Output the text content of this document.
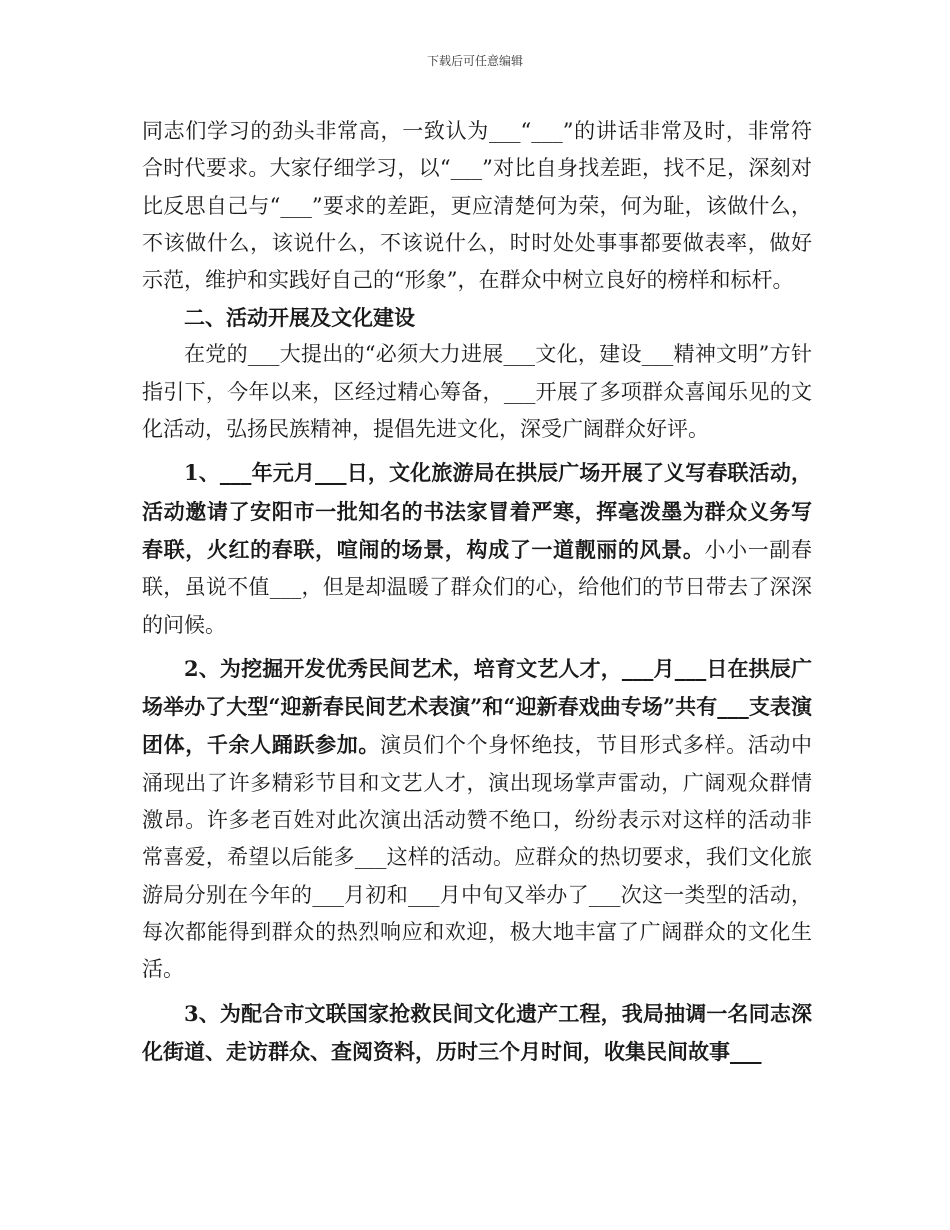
下载后可任意编辑

同志们学习的劲头非常高，一致认为___“___”的讲话非常及时，非常符合时代要求。大家仔细学习，以“___”对比自身找差距，找不足，深刻对比反思自己与“___”要求的差距，更应清楚何为荣，何为耻，该做什么，不该做什么，该说什么，不该说什么，时时处处事事都要做表率，做好示范，维护和实践好自己的“形象”，在群众中树立良好的榜样和标杆。

二、活动开展及文化建设

在党的___大提出的“必须大力进展___文化，建设___精神文明”方针指引下，今年以来，区经过精心筹备，___开展了多项群众喜闻乐见的文化活动，弘扬民族精神，提倡先进文化，深受广阔群众好评。

1、___年元月___日，文化旅游局在拱辰广场开展了义写春联活动，活动邀请了安阳市一批知名的书法家冒着严寒，挥毫泼墨为群众义务写春联，火红的春联，喧闹的场景，构成了一道靓丽的风景。小小一副春联，虽说不值___，但是却温暖了群众们的心，给他们的节日带去了深深的问候。

2、为挖掘开发优秀民间艺术，培育文艺人才，___月___日在拱辰广场举办了大型“迎新春民间艺术表演”和“迎新春戏曲专场”共有___支表演团体，千余人踊跃参加。演员们个个身怀绝技，节目形式多样。活动中涌现出了许多精彩节目和文艺人才，演出现场掌声雷动，广阔观众群情激昂。许多老百姓对此次演出活动赞不绝口，纷纷表示对这样的活动非常喜爱，希望以后能多___这样的活动。应群众的热切要求，我们文化旅游局分别在今年的___月初和___月中旬又举办了___次这一类型的活动，每次都能得到群众的热烈响应和欢迎，极大地丰富了广阔群众的文化生活。

3、为配合市文联国家抢救民间文化遗产工程，我局抽调一名同志深化街道、走访群众、查阅资料，历时三个月时间，收集民间故事___
